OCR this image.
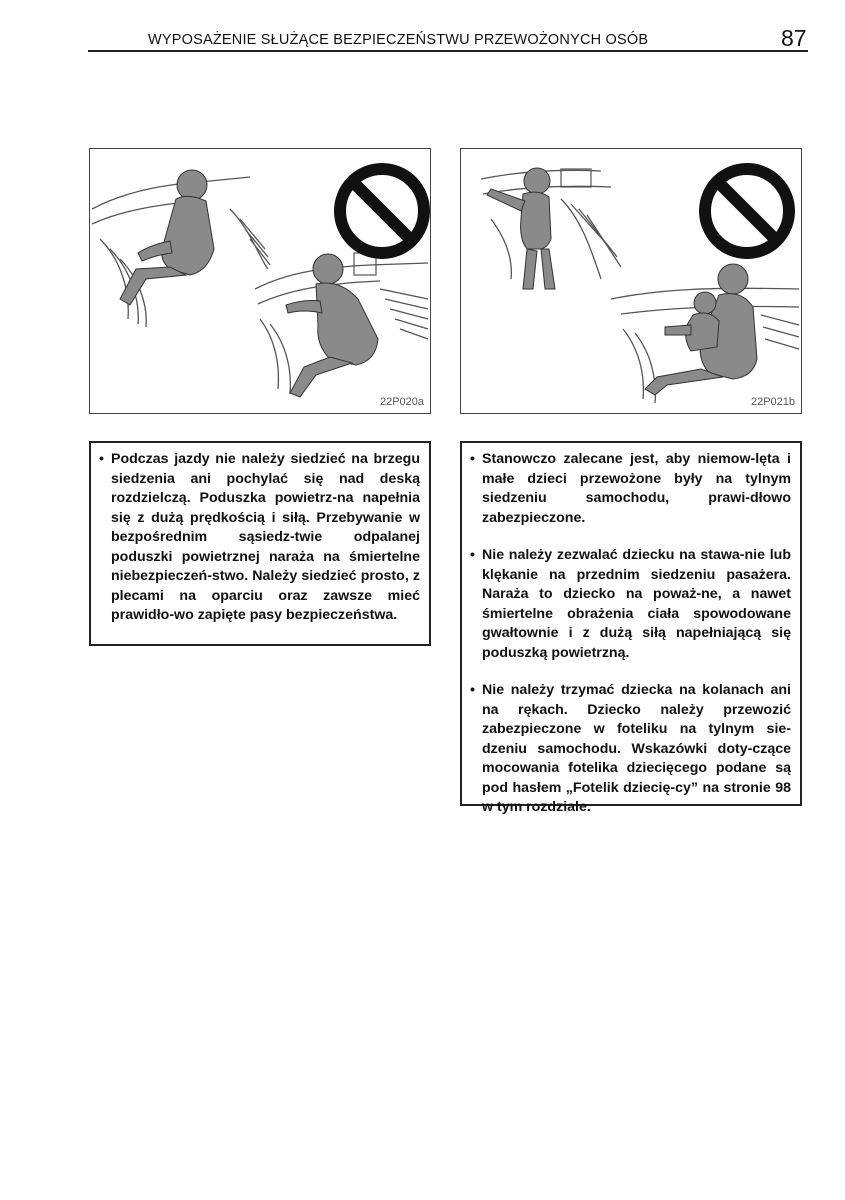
WYPOSAŻENIE SŁUŻĄCE BEZPIECZEŃSTWU PRZEWOŻONYCH OSÓB	87
22P020a	22P021b
• Podczas jazdy nie należy siedzieć na brzegu siedzenia ani pochylać się nad deską rozdzielczą. Poduszka powietrz-na napełnia się z dużą prędkością i siłą. Przebywanie w bezpośrednim sąsiedz-twie odpalanej poduszki powietrznej naraża na śmiertelne niebezpieczeń-stwo. Należy siedzieć prosto, z plecami na oparciu oraz zawsze mieć prawidło-wo zapięte pasy bezpieczeństwa.
• Stanowczo zalecane jest, aby niemow-lęta i małe dzieci przewożone były na tylnym siedzeniu samochodu, prawi-dłowo zabezpieczone.
• Nie należy zezwalać dziecku na stawa-nie lub klękanie na przednim siedzeniu pasażera. Naraża to dziecko na poważ-ne, a nawet śmiertelne obrażenia ciała spowodowane gwałtownie i z dużą siłą napełniającą się poduszką powietrzną.
• Nie należy trzymać dziecka na kolanach ani na rękach. Dziecko należy przewozić zabezpieczone w foteliku na tylnym sie-dzeniu samochodu. Wskazówki doty-czące mocowania fotelika dziecięcego podane są pod hasłem „Fotelik dziecię-cy” na stronie 98 w tym rozdziale.
